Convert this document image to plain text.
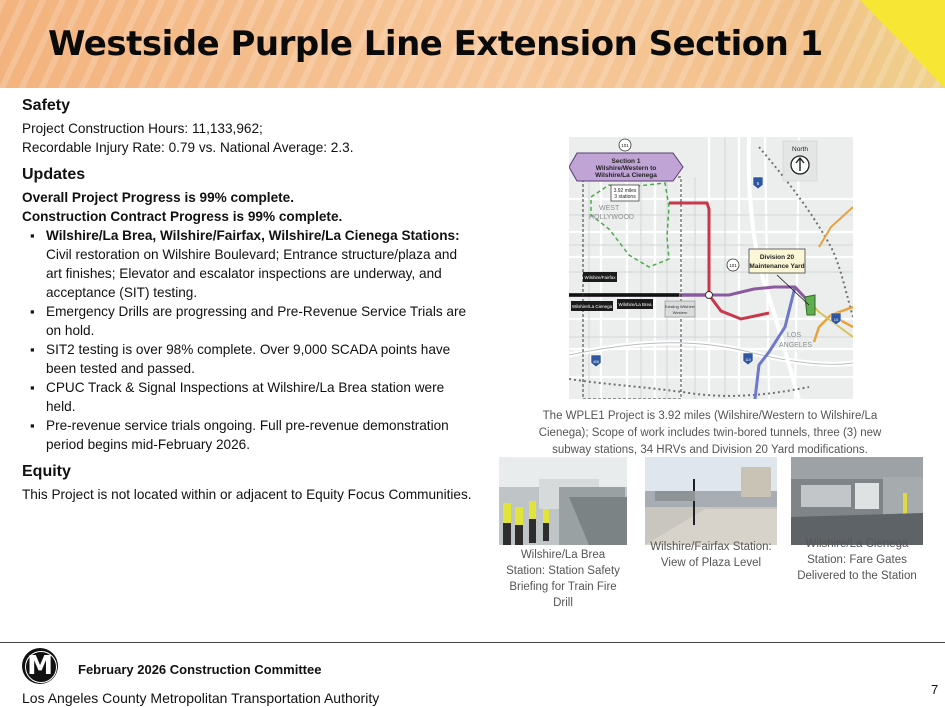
Westside Purple Line Extension Section 1
Safety

Project Construction Hours: 11,133,962;

Recordable Injury Rate: 0.79 vs. National Average: 2.3.

Updates

Overall Project Progress is 99% complete.

Construction Contract Progress is 99% complete.

▪ Wilshire/La Brea, Wilshire/Fairfax, Wilshire/La Cienega Stations: Civil restoration on Wilshire Boulevard; Entrance structure/plaza and art finishes; Elevator and escalator inspections are underway, and acceptance (SIT) testing.
▪ Emergency Drills are progressing and Pre-Revenue Service Trials are on hold.
▪ SIT2 testing is over 98% complete. Over 9,000 SCADA points have been tested and passed.
▪ CPUC Track & Signal Inspections at Wilshire/La Brea station were held.
▪ Pre-revenue service trials ongoing. Full pre-revenue demonstration period begins mid-February 2026.
Equity

This Project is not located within or adjacent to Equity Focus Communities.

Section 1
Wilshire/Western to
Wilshire/La Cienega
3.92 miles
3 stations
WEST
HOLLYWOOD
North
Division 20
Maintenance Yard
LOS
ANGELES
Wilshire/Fairfax
Wilshire/La Cienega Wilshire/La Brea	Existing Wilshire/
Western
101
101
5
10
110
405
The WPLE1 Project is 3.92 miles (Wilshire/Western to Wilshire/La Cienega); Scope of work includes twin-bored tunnels, three (3) new subway stations, 34 HRVs and Division 20 Yard modifications.
Wilshire/La Brea Station: Station Safety Briefing for Train Fire Drill
Wilshire/Fairfax Station: View of Plaza Level
Wilshire/La Cienega Station: Fare Gates Delivered to the Station
M	February 2026 Construction Committee
Los Angeles County Metropolitan Transportation Authority
7
